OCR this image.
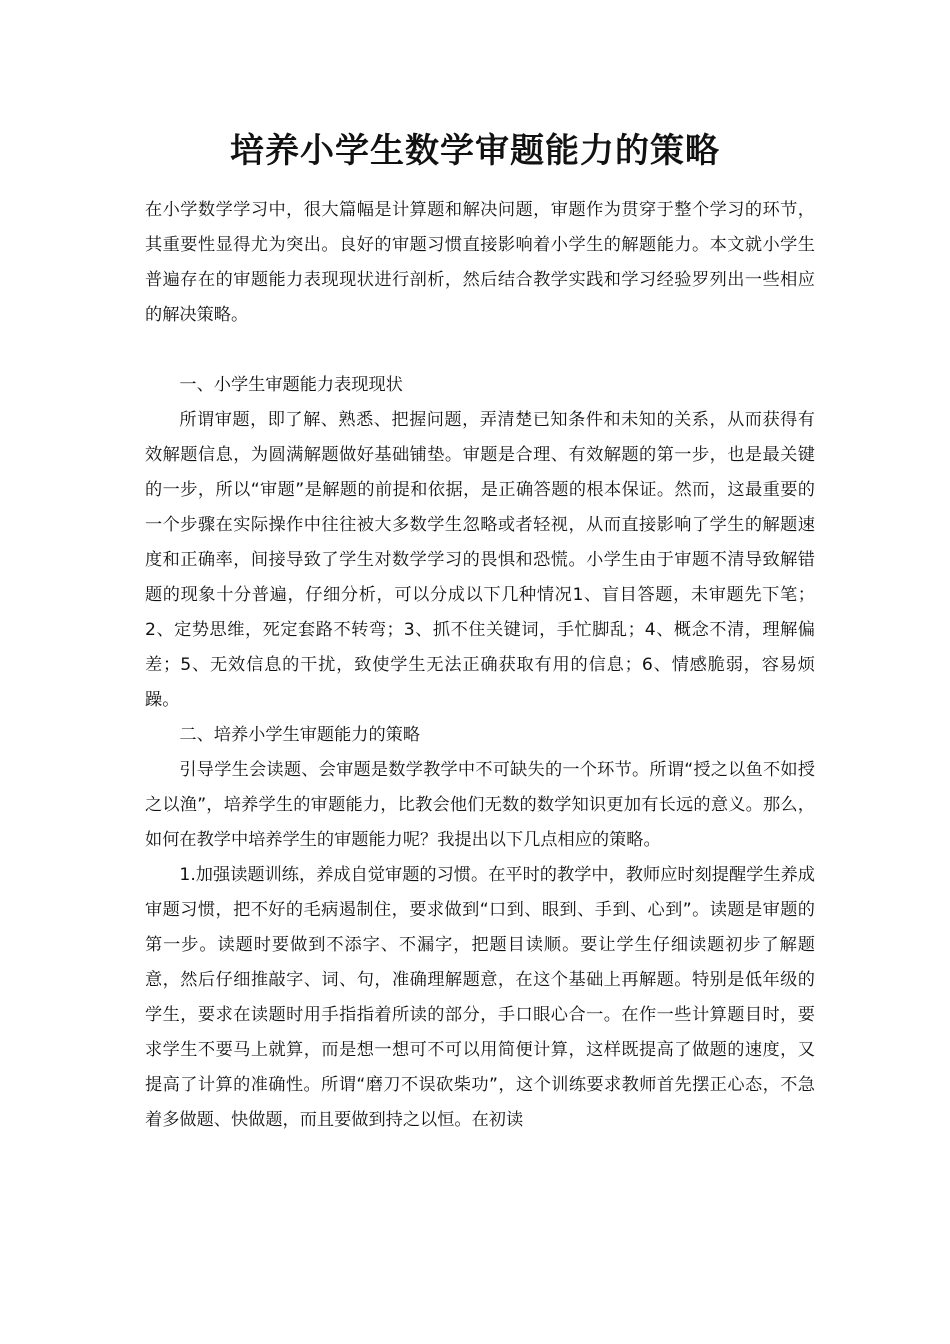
培养小学生数学审题能力的策略

在小学数学学习中，很大篇幅是计算题和解决问题，审题作为贯穿于整个学习的环节，其重要性显得尤为突出。良好的审题习惯直接影响着小学生的解题能力。本文就小学生普遍存在的审题能力表现现状进行剖析，然后结合教学实践和学习经验罗列出一些相应的解决策略。

一、小学生审题能力表现现状

所谓审题，即了解、熟悉、把握问题，弄清楚已知条件和未知的关系，从而获得有效解题信息，为圆满解题做好基础铺垫。审题是合理、有效解题的第一步，也是最关键的一步，所以“审题”是解题的前提和依据，是正确答题的根本保证。然而，这最重要的一个步骤在实际操作中往往被大多数学生忽略或者轻视，从而直接影响了学生的解题速度和正确率，间接导致了学生对数学学习的畏惧和恐慌。小学生由于审题不清导致解错题的现象十分普遍，仔细分析，可以分成以下几种情况1、盲目答题，未审题先下笔；2、定势思维，死定套路不转弯；3、抓不住关键词，手忙脚乱；4、概念不清，理解偏差；5、无效信息的干扰，致使学生无法正确获取有用的信息；6、情感脆弱，容易烦躁。

二、培养小学生审题能力的策略

引导学生会读题、会审题是数学教学中不可缺失的一个环节。所谓“授之以鱼不如授之以渔”，培养学生的审题能力，比教会他们无数的数学知识更加有长远的意义。那么，如何在教学中培养学生的审题能力呢？我提出以下几点相应的策略。

1.加强读题训练，养成自觉审题的习惯。在平时的教学中，教师应时刻提醒学生养成审题习惯，把不好的毛病遏制住，要求做到“口到、眼到、手到、心到”。读题是审题的第一步。读题时要做到不添字、不漏字，把题目读顺。要让学生仔细读题初步了解题意，然后仔细推敲字、词、句，准确理解题意，在这个基础上再解题。特别是低年级的学生，要求在读题时用手指指着所读的部分，手口眼心合一。在作一些计算题目时，要求学生不要马上就算，而是想一想可不可以用简便计算，这样既提高了做题的速度，又提高了计算的准确性。所谓“磨刀不误砍柴功”，这个训练要求教师首先摆正心态，不急着多做题、快做题，而且要做到持之以恒。在初读
